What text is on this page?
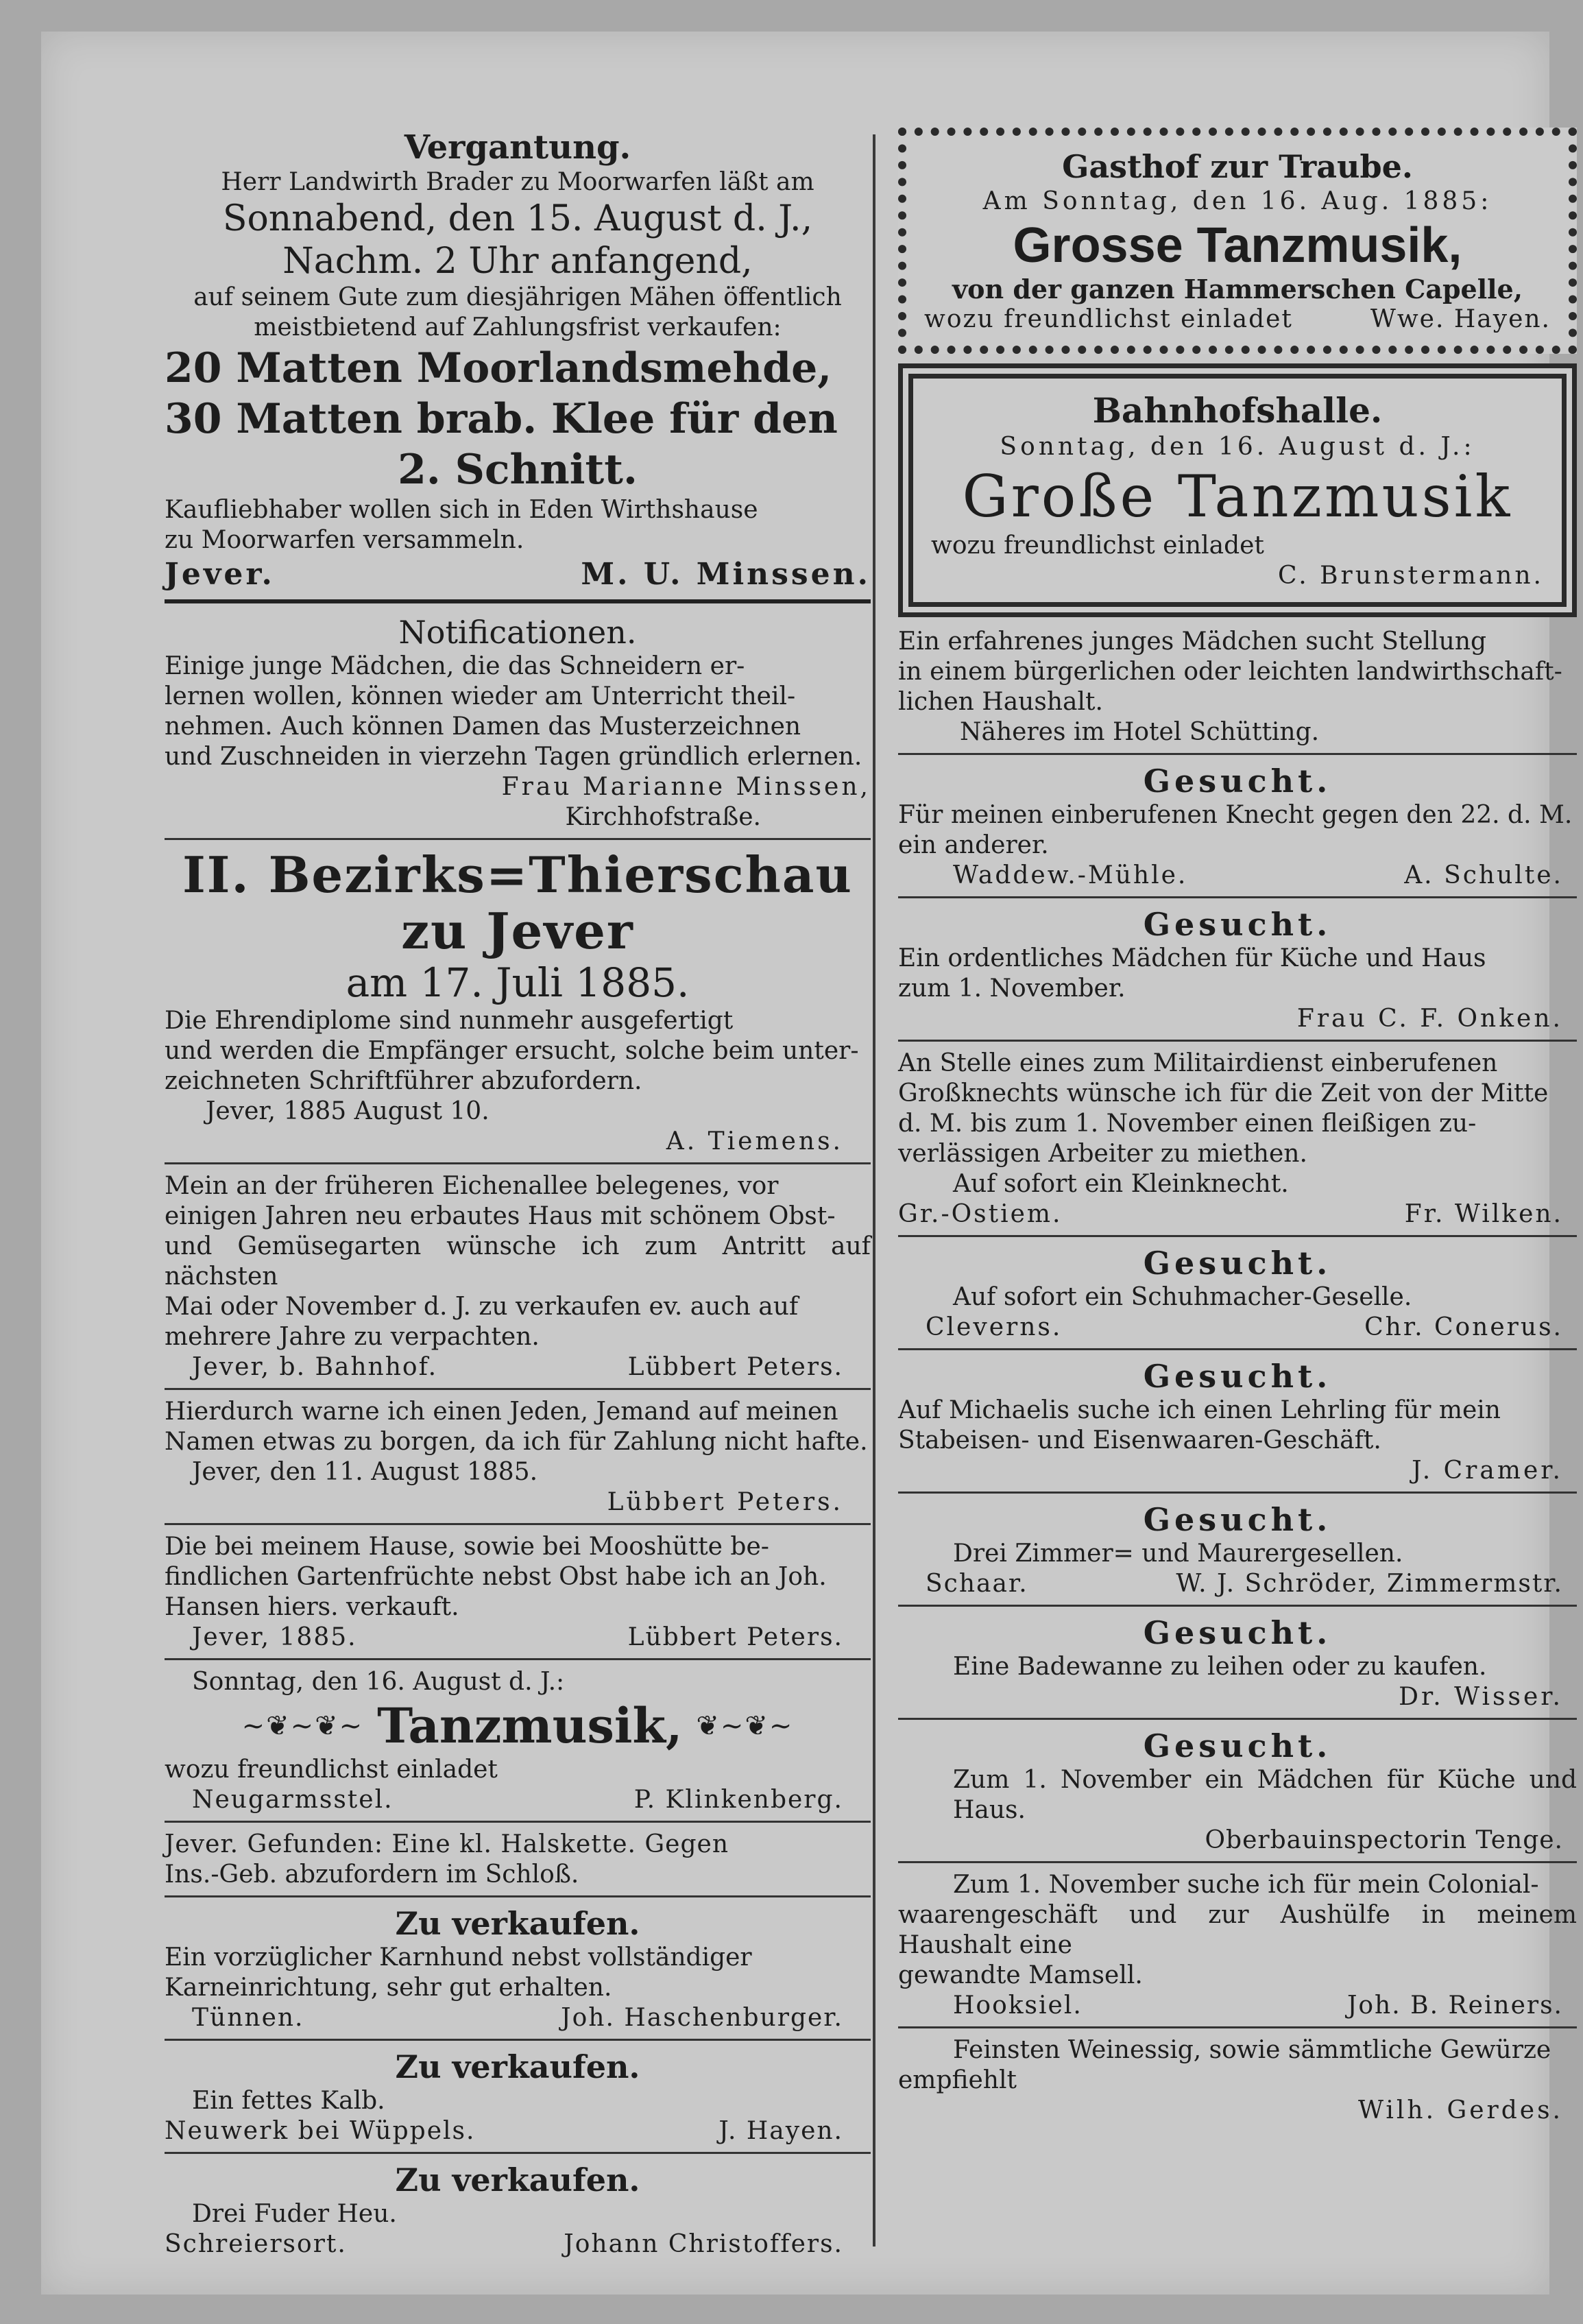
Vergantung.

Herr Landwirth Brader zu Moorwarfen läßt am

Sonnabend, den 15. August d. J.,

Nachm. 2 Uhr anfangend,

auf seinem Gute zum diesjährigen Mähen öffentlich

meistbietend auf Zahlungsfrist verkaufen:

20 Matten Moorlandsmehde,

30 Matten brab. Klee für den

2. Schnitt.

Kaufliebhaber wollen sich in Eden Wirthshause

zu Moorwarfen versammeln.

Jever.	M. U. Minssen.

Notificationen.

Einige junge Mädchen, die das Schneidern er-

lernen wollen, können wieder am Unterricht theil-

nehmen. Auch können Damen das Musterzeichnen

und Zuschneiden in vierzehn Tagen gründlich erlernen.

Frau Marianne Minssen,
Kirchhofstraße.

II. Bezirks=Thierschau

zu Jever

am 17. Juli 1885.

Die Ehrendiplome sind nunmehr ausgefertigt

und werden die Empfänger ersucht, solche beim unter-

zeichneten Schriftführer abzufordern.

Jever, 1885 August 10.

A. Tiemens.

Mein an der früheren Eichenallee belegenes, vor

einigen Jahren neu erbautes Haus mit schönem Obst-

und Gemüsegarten wünsche ich zum Antritt auf nächsten

Mai oder November d. J. zu verkaufen ev. auch auf

mehrere Jahre zu verpachten.

Jever, b. Bahnhof.	Lübbert Peters.

Hierdurch warne ich einen Jeden, Jemand auf meinen

Namen etwas zu borgen, da ich für Zahlung nicht hafte.

Jever, den 11. August 1885.

Lübbert Peters.

Die bei meinem Hause, sowie bei Mooshütte be-

findlichen Gartenfrüchte nebst Obst habe ich an Joh.

Hansen hiers. verkauft.

Jever, 1885.	Lübbert Peters.

Sonntag, den 16. August d. J.:

~❦~❦~ Tanzmusik, ❦~❦~

wozu freundlichst einladet

Neugarmsstel.	P. Klinkenberg.

Jever. Gefunden: Eine kl. Halskette. Gegen

Ins.-Geb. abzufordern im Schloß.

Zu verkaufen.

Ein vorzüglicher Karnhund nebst vollständiger

Karneinrichtung, sehr gut erhalten.

Tünnen.	Joh. Haschenburger.

Zu verkaufen.

Ein fettes Kalb.

Neuwerk bei Wüppels.	J. Hayen.

Zu verkaufen.

Drei Fuder Heu.

Schreiersort.	Johann Christoffers.

Gasthof zur Traube.

Am Sonntag, den 16. Aug. 1885:

Grosse Tanzmusik,

von der ganzen Hammerschen Capelle,

wozu freundlichst einladet	Wwe. Hayen.

Bahnhofshalle.

Sonntag, den 16. August d. J.:

Große Tanzmusik

wozu freundlichst einladet

C. Brunstermann.

Ein erfahrenes junges Mädchen sucht Stellung

in einem bürgerlichen oder leichten landwirthschaft-

lichen Haushalt.

Näheres im Hotel Schütting.

Gesucht.

Für meinen einberufenen Knecht gegen den 22. d. M.

ein anderer.

Waddew.-Mühle.	A. Schulte.

Gesucht.

Ein ordentliches Mädchen für Küche und Haus

zum 1. November.

Frau C. F. Onken.

An Stelle eines zum Militairdienst einberufenen

Großknechts wünsche ich für die Zeit von der Mitte

d. M. bis zum 1. November einen fleißigen zu-

verlässigen Arbeiter zu miethen.

Auf sofort ein Kleinknecht.

Gr.-Ostiem.	Fr. Wilken.

Gesucht.

Auf sofort ein Schuhmacher-Geselle.

Cleverns.	Chr. Conerus.

Gesucht.

Auf Michaelis suche ich einen Lehrling für mein

Stabeisen- und Eisenwaaren-Geschäft.

J. Cramer.

Gesucht.

Drei Zimmer= und Maurergesellen.

Schaar.	W. J. Schröder, Zimmermstr.

Gesucht.

Eine Badewanne zu leihen oder zu kaufen.

Dr. Wisser.

Gesucht.

Zum 1. November ein Mädchen für Küche und Haus.

Oberbauinspectorin Tenge.

Zum 1. November suche ich für mein Colonial-

waarengeschäft und zur Aushülfe in meinem Haushalt eine

gewandte Mamsell.

Hooksiel.	Joh. B. Reiners.

Feinsten Weinessig, sowie sämmtliche Gewürze

empfiehlt

Wilh. Gerdes.
